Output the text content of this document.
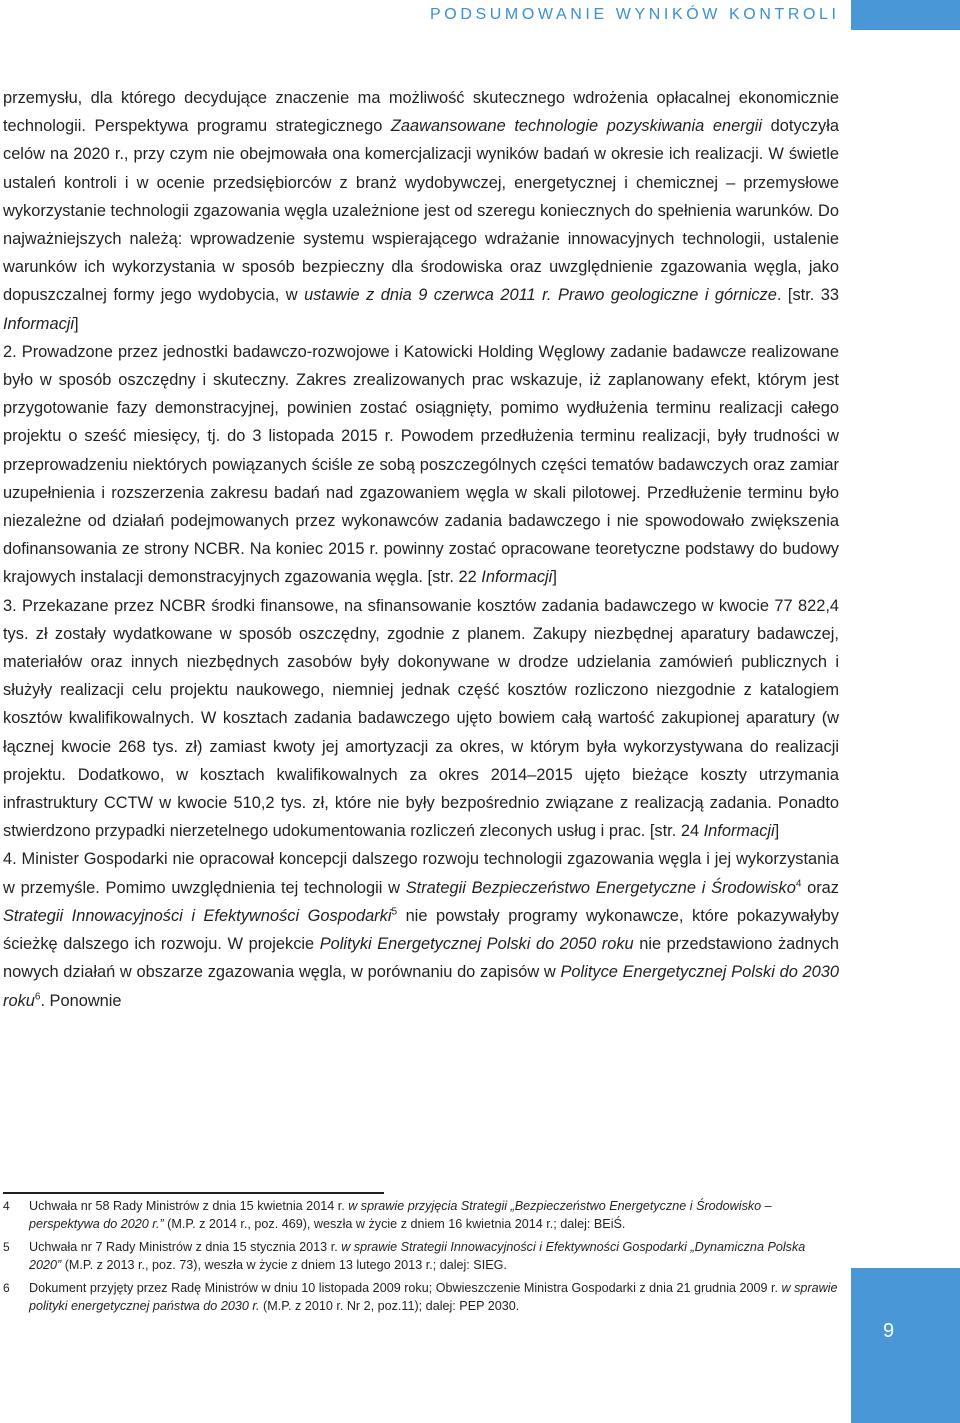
PODSUMOWANIE WYNIKÓW KONTROLI

przemysłu, dla którego decydujące znaczenie ma możliwość skutecznego wdrożenia opłacalnej ekonomicznie technologii. Perspektywa programu strategicznego Zaawansowane technologie pozyskiwania energii dotyczyła celów na 2020 r., przy czym nie obejmowała ona komercjalizacji wyników badań w okresie ich realizacji. W świetle ustaleń kontroli i w ocenie przedsiębiorców z branż wydobywczej, energetycznej i chemicznej – przemysłowe wykorzystanie technologii zgazowania węgla uzależnione jest od szeregu koniecznych do spełnienia warunków. Do najważniejszych należą: wprowadzenie systemu wspierającego wdrażanie innowacyjnych technologii, ustalenie warunków ich wykorzystania w sposób bezpieczny dla środowiska oraz uwzględnienie zgazowania węgla, jako dopuszczalnej formy jego wydobycia, w ustawie z dnia 9 czerwca 2011 r. Prawo geologiczne i górnicze. [str. 33 Informacji]

2. Prowadzone przez jednostki badawczo-rozwojowe i Katowicki Holding Węglowy zadanie badawcze realizowane było w sposób oszczędny i skuteczny. Zakres zrealizowanych prac wskazuje, iż zaplanowany efekt, którym jest przygotowanie fazy demonstracyjnej, powinien zostać osiągnięty, pomimo wydłużenia terminu realizacji całego projektu o sześć miesięcy, tj. do 3 listopada 2015 r. Powodem przedłużenia terminu realizacji, były trudności w przeprowadzeniu niektórych powiązanych ściśle ze sobą poszczególnych części tematów badawczych oraz zamiar uzupełnienia i rozszerzenia zakresu badań nad zgazowaniem węgla w skali pilotowej. Przedłużenie terminu było niezależne od działań podejmowanych przez wykonawców zadania badawczego i nie spowodowało zwiększenia dofinansowania ze strony NCBR. Na koniec 2015 r. powinny zostać opracowane teoretyczne podstawy do budowy krajowych instalacji demonstracyjnych zgazowania węgla. [str. 22 Informacji]

3. Przekazane przez NCBR środki finansowe, na sfinansowanie kosztów zadania badawczego w kwocie 77 822,4 tys. zł zostały wydatkowane w sposób oszczędny, zgodnie z planem. Zakupy niezbędnej aparatury badawczej, materiałów oraz innych niezbędnych zasobów były dokonywane w drodze udzielania zamówień publicznych i służyły realizacji celu projektu naukowego, niemniej jednak część kosztów rozliczono niezgodnie z katalogiem kosztów kwalifikowalnych. W kosztach zadania badawczego ujęto bowiem całą wartość zakupionej aparatury (w łącznej kwocie 268 tys. zł) zamiast kwoty jej amortyzacji za okres, w którym była wykorzystywana do realizacji projektu. Dodatkowo, w kosztach kwalifikowalnych za okres 2014–2015 ujęto bieżące koszty utrzymania infrastruktury CCTW w kwocie 510,2 tys. zł, które nie były bezpośrednio związane z realizacją zadania. Ponadto stwierdzono przypadki nierzetelnego udokumentowania rozliczeń zleconych usług i prac. [str. 24 Informacji]

4. Minister Gospodarki nie opracował koncepcji dalszego rozwoju technologii zgazowania węgla i jej wykorzystania w przemyśle. Pomimo uwzględnienia tej technologii w Strategii Bezpieczeństwo Energetyczne i Środowisko$^4$ oraz Strategii Innowacyjności i Efektywności Gospodarki$^5$ nie powstały programy wykonawcze, które pokazywałyby ścieżkę dalszego ich rozwoju. W projekcie Polityki Energetycznej Polski do 2050 roku nie przedstawiono żadnych nowych działań w obszarze zgazowania węgla, w porównaniu do zapisów w Polityce Energetycznej Polski do 2030 roku$^6$. Ponownie

4 Uchwała nr 58 Rady Ministrów z dnia 15 kwietnia 2014 r. w sprawie przyjęcia Strategii „Bezpieczeństwo Energetyczne i Środowisko – perspektywa do 2020 r.” (M.P. z 2014 r., poz. 469), weszła w życie z dniem 16 kwietnia 2014 r.; dalej: BEiŚ.
5 Uchwała nr 7 Rady Ministrów z dnia 15 stycznia 2013 r. w sprawie Strategii Innowacyjności i Efektywności Gospodarki „Dynamiczna Polska 2020” (M.P. z 2013 r., poz. 73), weszła w życie z dniem 13 lutego 2013 r.; dalej: SIEG.
6 Dokument przyjęty przez Radę Ministrów w dniu 10 listopada 2009 roku; Obwieszczenie Ministra Gospodarki z dnia 21 grudnia 2009 r. w sprawie polityki energetycznej państwa do 2030 r. (M.P. z 2010 r. Nr 2, poz.11); dalej: PEP 2030.
9
